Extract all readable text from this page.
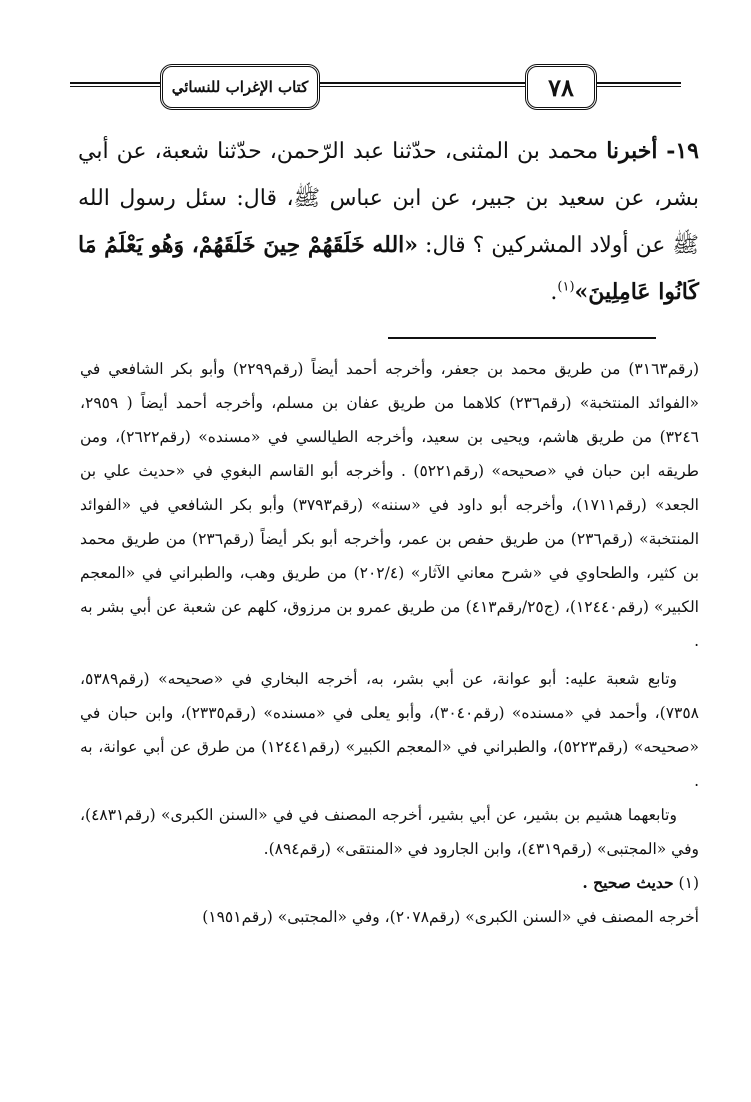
كتاب الإغراب للنسائي	٧٨

١٩- أخبرنا محمد بن المثنى، حدّثنا عبد الرّحمن، حدّثنا شعبة، عن أبي بشر، عن سعيد بن جبير، عن ابن عباس ﷺ، قال: سئل رسول الله ﷺ عن أولاد المشركين ؟ قال: «الله خَلَقَهُمْ حِينَ خَلَقَهُمْ، وَهُو يَعْلَمُ مَا كَانُوا عَامِلِينَ»$^{(١)}$.

(رقم٣١٦٣) من طريق محمد بن جعفر، وأخرجه أحمد أيضاً (رقم٢٢٩٩) وأبو بكر الشافعي في «الفوائد المنتخبة» (رقم٢٣٦) كلاهما من طريق عفان بن مسلم، وأخرجه أحمد أيضاً ( ٢٩٥٩، ٣٢٤٦) من طريق هاشم، ويحيى بن سعيد، وأخرجه الطيالسي في «مسنده» (رقم٢٦٢٢)، ومن طريقه ابن حبان في «صحيحه» (رقم٥٢٢١) . وأخرجه أبو القاسم البغوي في «حديث علي بن الجعد» (رقم١٧١١)، وأخرجه أبو داود في «سننه» (رقم٣٧٩٣) وأبو بكر الشافعي في «الفوائد المنتخبة» (رقم٢٣٦) من طريق حفص بن عمر، وأخرجه أبو بكر أيضاً (رقم٢٣٦) من طريق محمد بن كثير، والطحاوي في «شرح معاني الآثار» (٢٠٢/٤) من طريق وهب، والطبراني في «المعجم الكبير» (رقم١٢٤٤٠)، (ج٢٥/رقم٤١٣) من طريق عمرو بن مرزوق، كلهم عن شعبة عن أبي بشر به .

وتابع شعبة عليه: أبو عوانة، عن أبي بشر، به، أخرجه البخاري في «صحيحه» (رقم٥٣٨٩، ٧٣٥٨)، وأحمد في «مسنده» (رقم٣٠٤٠)، وأبو يعلى في «مسنده» (رقم٢٣٣٥)، وابن حبان في «صحيحه» (رقم٥٢٢٣)، والطبراني في «المعجم الكبير» (رقم١٢٤٤١) من طرق عن أبي عوانة، به .

وتابعهما هشيم بن بشير، عن أبي بشير، أخرجه المصنف في في «السنن الكبرى» (رقم٤٨٣١)، وفي «المجتبى» (رقم٤٣١٩)، وابن الجارود في «المنتقى» (رقم٨٩٤).

(١) حديث صحيح .

أخرجه المصنف في «السنن الكبرى» (رقم٢٠٧٨)، وفي «المجتبى» (رقم١٩٥١)
